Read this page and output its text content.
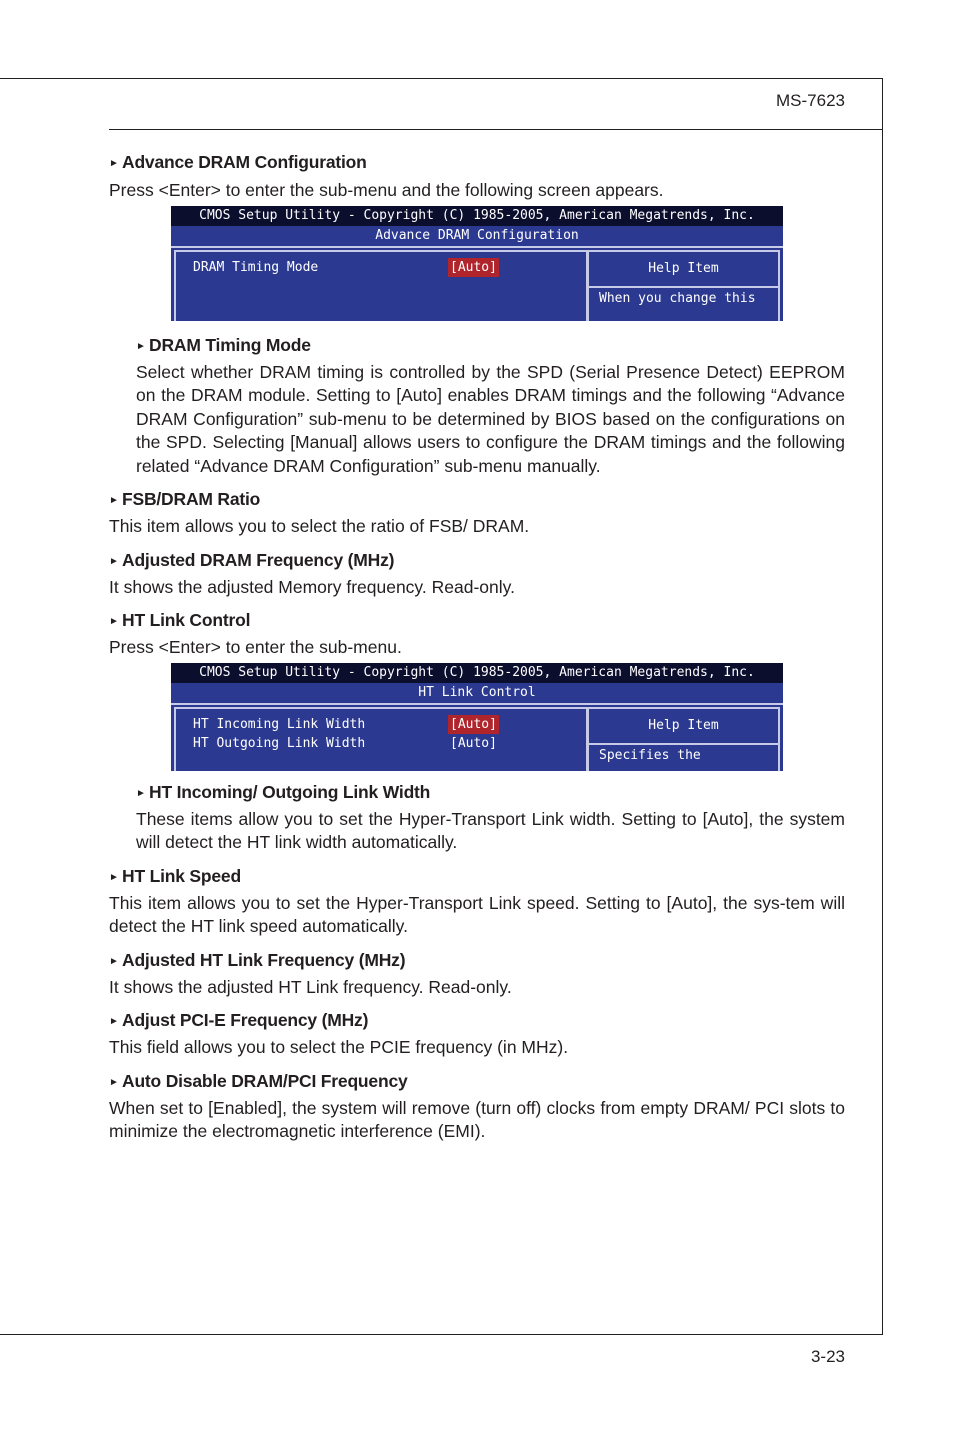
MS-7623
3-23

► Advance DRAM Configuration

Press <Enter> to enter the sub-menu and the following screen appears.

CMOS Setup Utility - Copyright (C) 1985-2005, American Megatrends, Inc.
Advance DRAM Configuration
DRAM Timing Mode	[Auto]	Help Item
When you change this

► DRAM Timing Mode

Select whether DRAM timing is controlled by the SPD (Serial Presence Detect) EEPROM on the DRAM module. Setting to [Auto] enables DRAM timings and the following “Advance DRAM Configuration” sub-menu to be determined by BIOS based on the configurations on the SPD. Selecting [Manual] allows users to configure the DRAM timings and the following related “Advance DRAM Configuration” sub-menu manually.

► FSB/DRAM Ratio

This item allows you to select the ratio of FSB/ DRAM.

► Adjusted DRAM Frequency (MHz)

It shows the adjusted Memory frequency. Read-only.

► HT Link Control

Press <Enter> to enter the sub-menu.

CMOS Setup Utility - Copyright (C) 1985-2005, American Megatrends, Inc.
HT Link Control
HT Incoming Link Width	[Auto]
HT Outgoing Link Width	[Auto]
Help Item
Specifies the

► HT Incoming/ Outgoing Link Width

These items allow you to set the Hyper-Transport Link width. Setting to [Auto], the system will detect the HT link width automatically.

► HT Link Speed

This item allows you to set the Hyper-Transport Link speed. Setting to [Auto], the sys-tem will detect the HT link speed automatically.

► Adjusted HT Link Frequency (MHz)

It shows the adjusted HT Link frequency. Read-only.

► Adjust PCI-E Frequency (MHz)

This field allows you to select the PCIE frequency (in MHz).

► Auto Disable DRAM/PCI Frequency

When set to [Enabled], the system will remove (turn off) clocks from empty DRAM/ PCI slots to minimize the electromagnetic interference (EMI).
